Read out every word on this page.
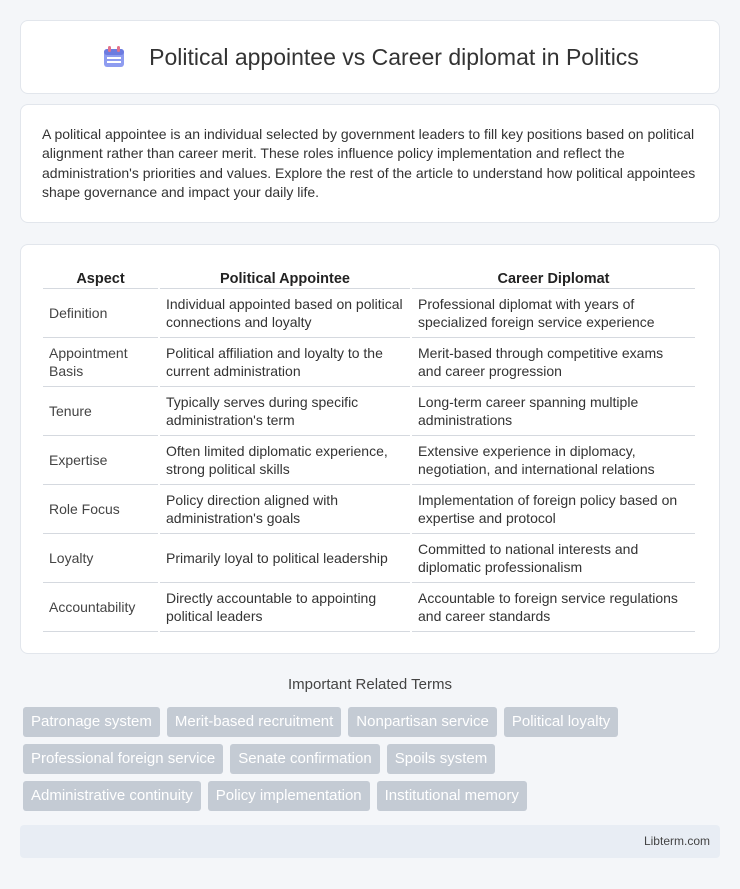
Political appointee vs Career diplomat in Politics

A political appointee is an individual selected by government leaders to fill key positions based on political alignment rather than career merit. These roles influence policy implementation and reflect the administration's priorities and values. Explore the rest of the article to understand how political appointees shape governance and impact your daily life.

Aspect	Political Appointee	Career Diplomat
Definition	Individual appointed based on political connections and loyalty	Professional diplomat with years of specialized foreign service experience
Appointment Basis	Political affiliation and loyalty to the current administration	Merit-based through competitive exams and career progression
Tenure	Typically serves during specific administration's term	Long-term career spanning multiple administrations
Expertise	Often limited diplomatic experience, strong political skills	Extensive experience in diplomacy, negotiation, and international relations
Role Focus	Policy direction aligned with administration's goals	Implementation of foreign policy based on expertise and protocol
Loyalty	Primarily loyal to political leadership	Committed to national interests and diplomatic professionalism
Accountability	Directly accountable to appointing political leaders	Accountable to foreign service regulations and career standards
Important Related Terms
Patronage system	Merit-based recruitment	Nonpartisan service	Political loyalty
Professional foreign service	Senate confirmation	Spoils system
Administrative continuity	Policy implementation	Institutional memory
Libterm.com
